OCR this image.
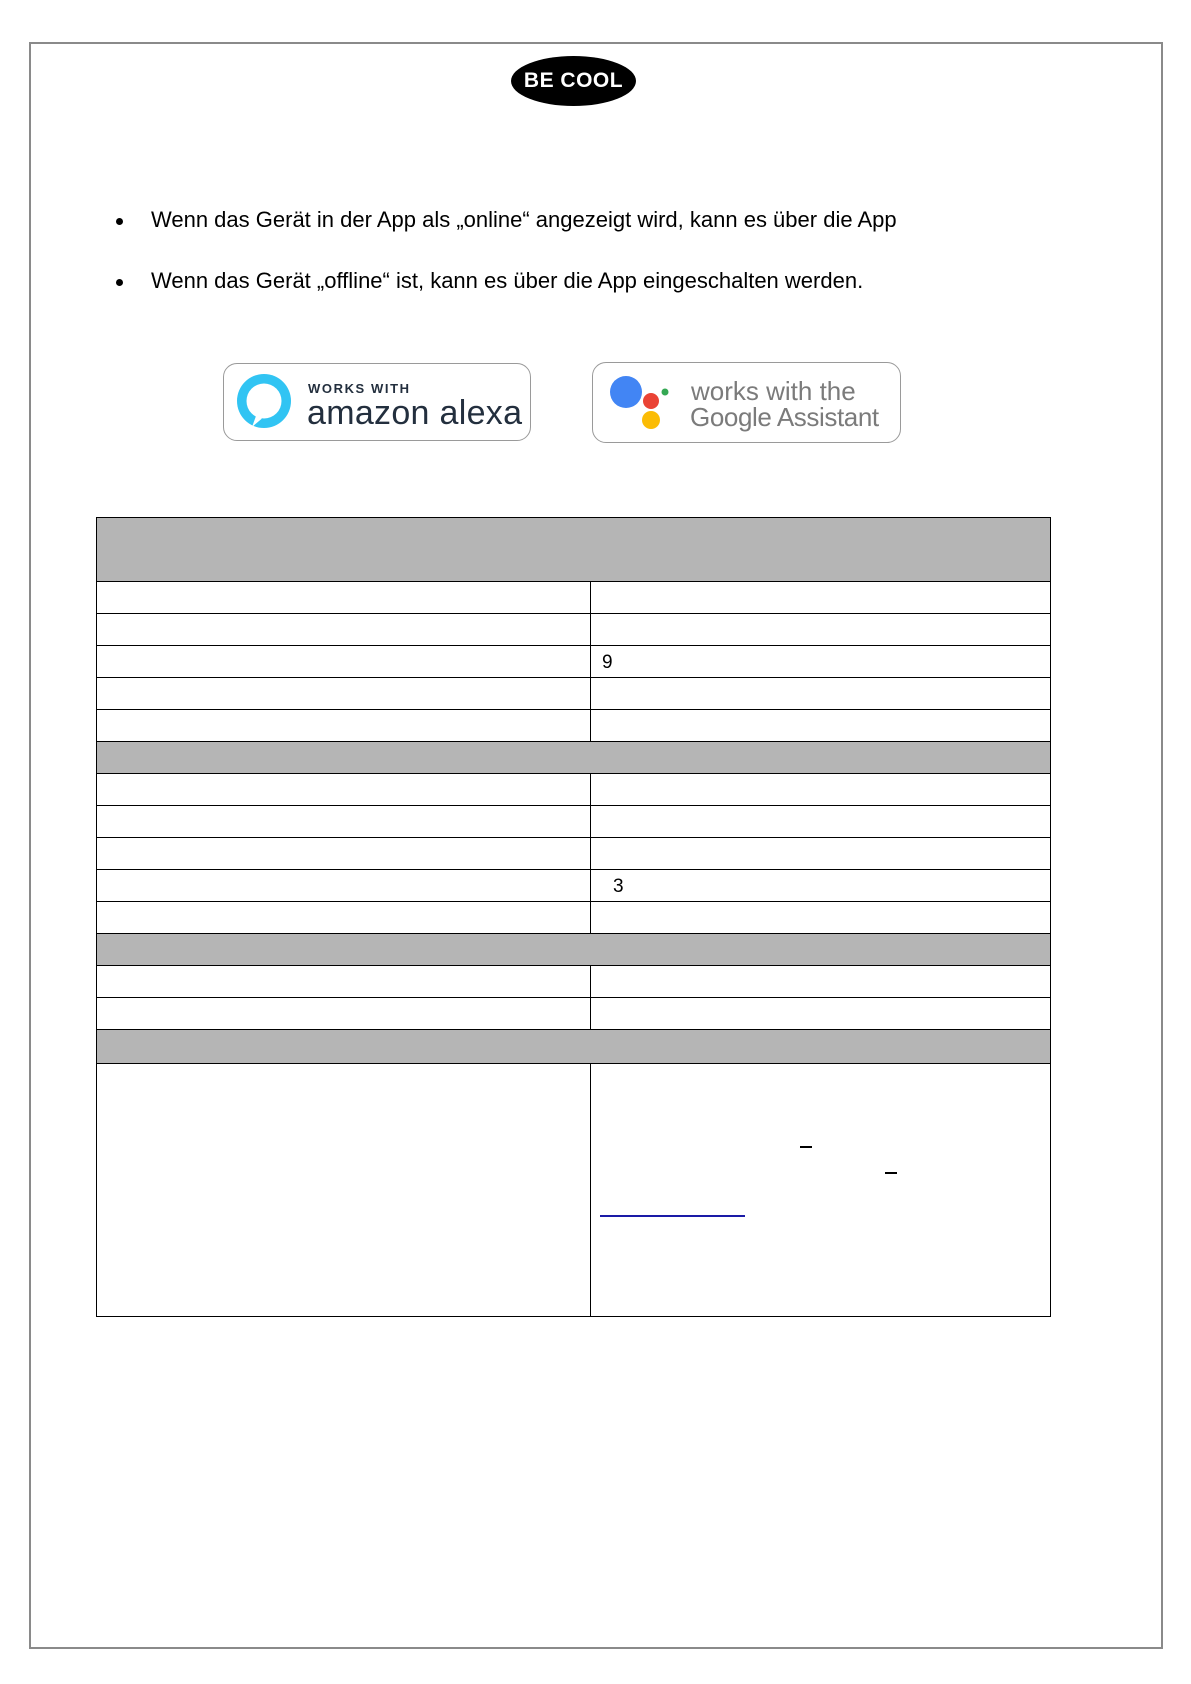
BE COOL
Wenn das Gerät in der App als „online“ angezeigt wird, kann es über die App
Wenn das Gerät „offline“ ist, kann es über die App eingeschalten werden.
WORKS WITH
amazon alexa
works with the
Google Assistant
9
3
